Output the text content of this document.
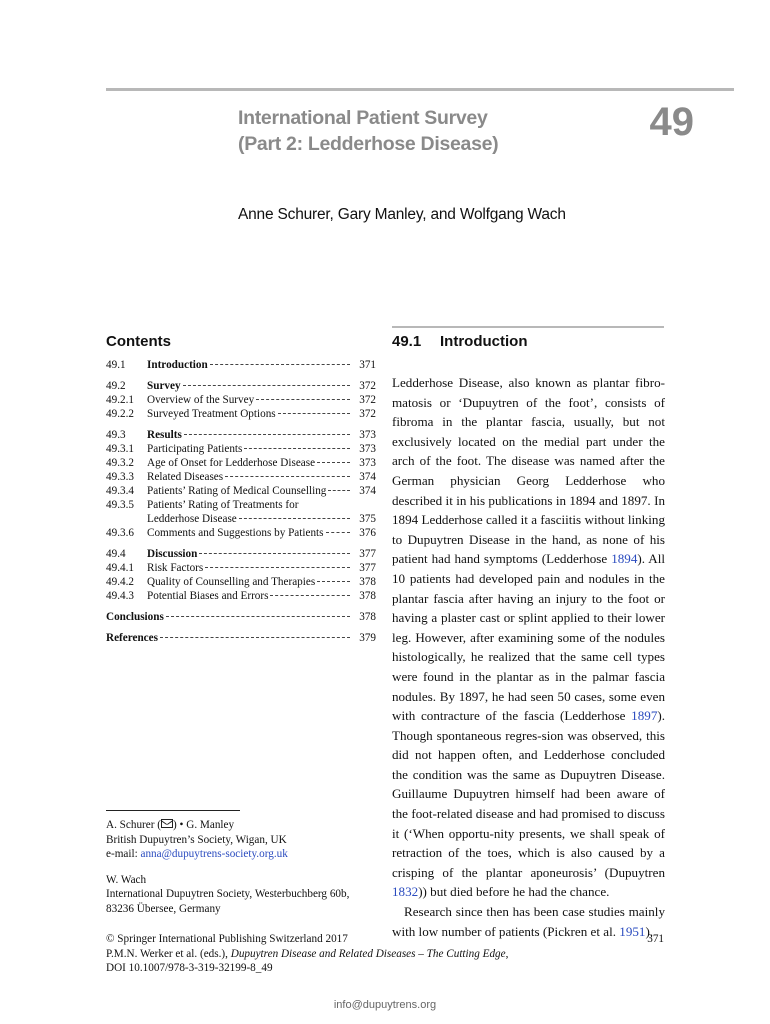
International Patient Survey
(Part 2: Ledderhose Disease)	49
Anne Schurer, Gary Manley, and Wolfgang Wach
Contents
49.1 Introduction	371
49.2 Survey	372
49.2.1 Overview of the Survey	372
49.2.2 Surveyed Treatment Options	372
49.3 Results	373
49.3.1 Participating Patients	373
49.3.2 Age of Onset for Ledderhose Disease	373
49.3.3 Related Diseases	374
49.3.4 Patients’ Rating of Medical Counselling	374
49.3.5 Patients’ Rating of Treatments for
Ledderhose Disease	375
49.3.6 Comments and Suggestions by Patients	376
49.4 Discussion	377
49.4.1 Risk Factors	377
49.4.2 Quality of Counselling and Therapies	378
49.4.3 Potential Biases and Errors	378
Conclusions	378
References	379
49.1 Introduction

Ledderhose Disease, also known as plantar fibro-matosis or ‘Dupuytren of the foot’, consists of fibroma in the plantar fascia, usually, but not exclusively located on the medial part under the arch of the foot. The disease was named after the German physician Georg Ledderhose who described it in his publications in 1894 and 1897. In 1894 Ledderhose called it a fasciitis without linking to Dupuytren Disease in the hand, as none of his patient had hand symptoms (Ledderhose 1894). All 10 patients had developed pain and nodules in the plantar fascia after having an injury to the foot or having a plaster cast or splint applied to their lower leg. However, after examining some of the nodules histologically, he realized that the same cell types were found in the plantar as in the palmar fascia nodules. By 1897, he had seen 50 cases, some even with contracture of the fascia (Ledderhose 1897). Though spontaneous regres-sion was observed, this did not happen often, and Ledderhose concluded the condition was the same as Dupuytren Disease. Guillaume Dupuytren himself had been aware of the foot-related disease and had promised to discuss it (‘When opportu-nity presents, we shall speak of retraction of the toes, which is also caused by a crisping of the plantar aponeurosis’ (Dupuytren 1832)) but died before he had the chance.

Research since then has been case studies mainly with low number of patients (Pickren et al. 1951).

A. Schurer ( ) • G. Manley
British Dupuytren’s Society, Wigan, UK
e-mail: anna@dupuytrens-society.org.uk
W. Wach
International Dupuytren Society, Westerbuchberg 60b,
83236 Übersee, Germany
© Springer International Publishing Switzerland 2017
P.M.N. Werker et al. (eds.), Dupuytren Disease and Related Diseases – The Cutting Edge,
DOI 10.1007/978-3-319-32199-8_49
371
info@dupuytrens.org
